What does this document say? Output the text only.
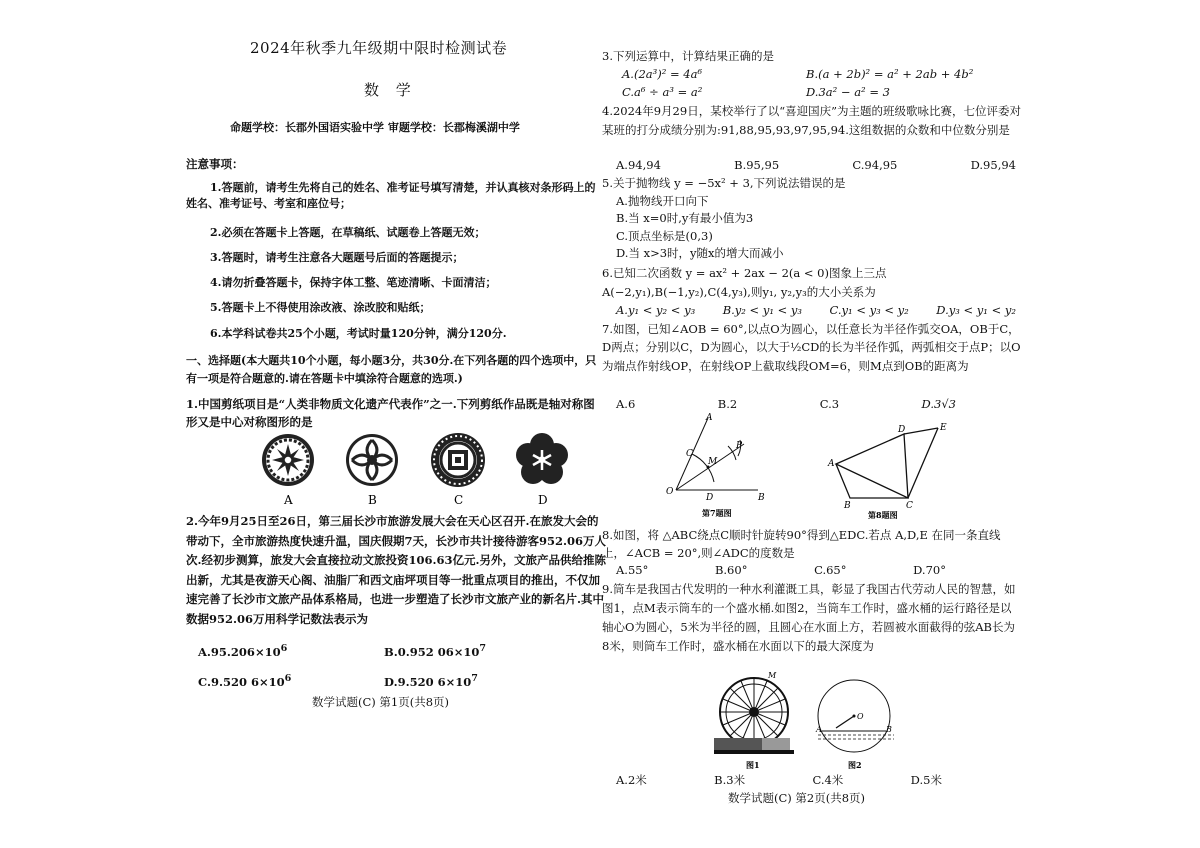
2024年秋季九年级期中限时检测试卷
数 学
命题学校：长郡外国语实验中学 审题学校：长郡梅溪湖中学
注意事项：
1.答题前，请考生先将自己的姓名、准考证号填写清楚，并认真核对条形码上的姓名、准考证号、考室和座位号；
2.必须在答题卡上答题，在草稿纸、试题卷上答题无效；
3.答题时，请考生注意各大题题号后面的答题提示；
4.请勿折叠答题卡，保持字体工整、笔迹清晰、卡面清洁；
5.答题卡上不得使用涂改液、涂改胶和贴纸；
6.本学科试卷共25个小题，考试时量120分钟，满分120分.
一、选择题(本大题共10个小题，每小题3分，共30分.在下列各题的四个选项中，只有一项是符合题意的.请在答题卡中填涂符合题意的选项.)
1.中国剪纸项目是“人类非物质文化遗产代表作”之一.下列剪纸作品既是轴对称图形又是中心对称图形的是
A	B	C	D
2.今年9月25日至26日，第三届长沙市旅游发展大会在天心区召开.在旅发大会的带动下，全市旅游热度快速升温，国庆假期7天，长沙市共计接待游客952.06万人次.经初步测算，旅发大会直接拉动文旅投资106.63亿元.另外，文旅产品供给推陈出新，尤其是夜游天心阁、油脂厂和西文庙坪项目等一批重点项目的推出，不仅加速完善了长沙市文旅产品体系格局，也进一步塑造了长沙市文旅产业的新名片.其中数据952.06万用科学记数法表示为
$A.95.206\times 10^6$	B.0.952 $06\times 10^7$
C.9.520 $6\times 10^6$	D.9.520 $6\times 10^7$
数学试题(C) 第1页(共8页)
3.下列运算中，计算结果正确的是
A.(2a³)² = 4a⁶	B.(a + 2b)² = a² + 2ab + 4b²
C.a⁶ ÷ a³ = a²	D.3a² − a² = 3
4.2024年9月29日，某校举行了以“喜迎国庆”为主题的班级歌咏比赛，七位评委对某班的打分成绩分别为:91,88,95,93,97,95,94.这组数据的众数和中位数分别是
A.94,94	B.95,95	C.94,95	D.95,94
5.关于抛物线 y = −5x² + 3,下列说法错误的是
A.抛物线开口向下
B.当 x=0时,y有最小值为3
C.顶点坐标是(0,3)
D.当 x>3时，y随x的增大而减小
6.已知二次函数 y = ax² + 2ax − 2(a < 0)图象上三点 A(−2,y₁),B(−1,y₂),C(4,y₃),则y₁, y₂,y₃的大小关系为
A.y₁ < y₂ < y₃ B.y₂ < y₁ < y₃ C.y₁ < y₃ < y₂ D.y₃ < y₁ < y₂
7.如图，已知∠AOB = 60°,以点O为圆心，以任意长为半径作弧交OA，OB于C，D两点；分别以C，D为圆心，以大于½CD的长为半径作弧，两弧相交于点P；以O为端点作射线OP，在射线OP上截取线段OM=6，则M点到OB的距离为
A.6	B.2	C.3	D.3√3
A
C
M
P
O
D	B
第7题图
D	E
A
B	C
第8题图
8.如图，将 △ABC绕点C顺时针旋转90°得到△EDC.若点 A,D,E 在同一条直线上，∠ACB = 20°,则∠ADC的度数是
A.55°	B.60°	C.65°	D.70°
9.筒车是我国古代发明的一种水利灌溉工具，彰显了我国古代劳动人民的智慧，如图1，点M表示筒车的一个盛水桶.如图2，当筒车工作时，盛水桶的运行路径是以轴心O为圆心，5米为半径的圆，且圆心在水面上方，若圆被水面截得的弦AB长为8米，则筒车工作时，盛水桶在水面以下的最大深度为
M
O
A	B
图1	图2
A.2米	B.3米	C.4米	D.5米
数学试题(C) 第2页(共8页)
